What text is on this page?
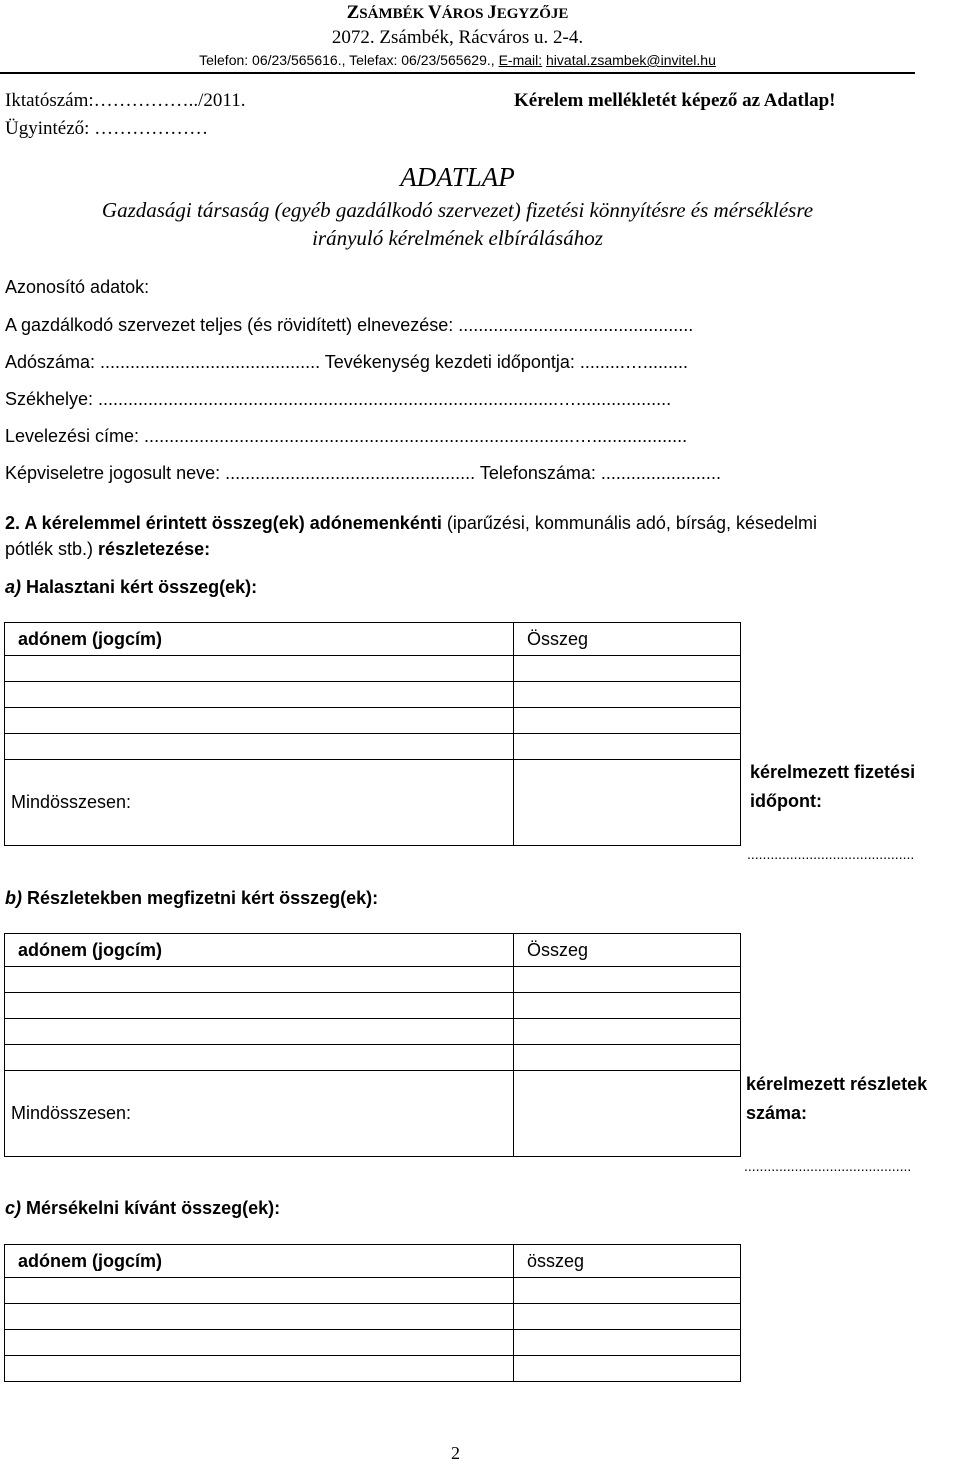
ZSÁMBÉK VÁROS JEGYZŐJE
2072. Zsámbék, Rácváros u. 2-4.
Telefon: 06/23/565616., Telefax: 06/23/565629., E-mail: hivatal.zsambek@invitel.hu
Iktatószám:……………../2011.
Ügyintéző: ………………
Kérelem mellékletét képező az Adatlap!
ADATLAP
Gazdasági társaság (egyéb gazdálkodó szervezet) fizetési könnyítésre és mérséklésre
irányuló kérelmének elbírálásához
Azonosító adatok:
A gazdálkodó szervezet teljes (és rövidített) elnevezése: ...............................................
Adószáma: ............................................ Tevékenység kezdeti időpontja: .........….........
Székhelye: ............................................................................................…...................
Levelezési címe: ......................................................................................…...................
Képviseletre jogosult neve: .................................................. Telefonszáma: ........................
2. A kérelemmel érintett összeg(ek) adónemenkénti (iparűzési, kommunális adó, bírság, késedelmi
pótlék stb.) részletezése:
a) Halasztani kért összeg(ek):
adónem (jogcím)	Összeg

Mindösszesen:	

kérelmezett fizetési
időpont:
...........................................
b) Részletekben megfizetni kért összeg(ek):
adónem (jogcím)	Összeg

Mindösszesen:	

kérelmezett részletek
száma:
...........................................
c) Mérsékelni kívánt összeg(ek):
adónem (jogcím)	összeg

2
